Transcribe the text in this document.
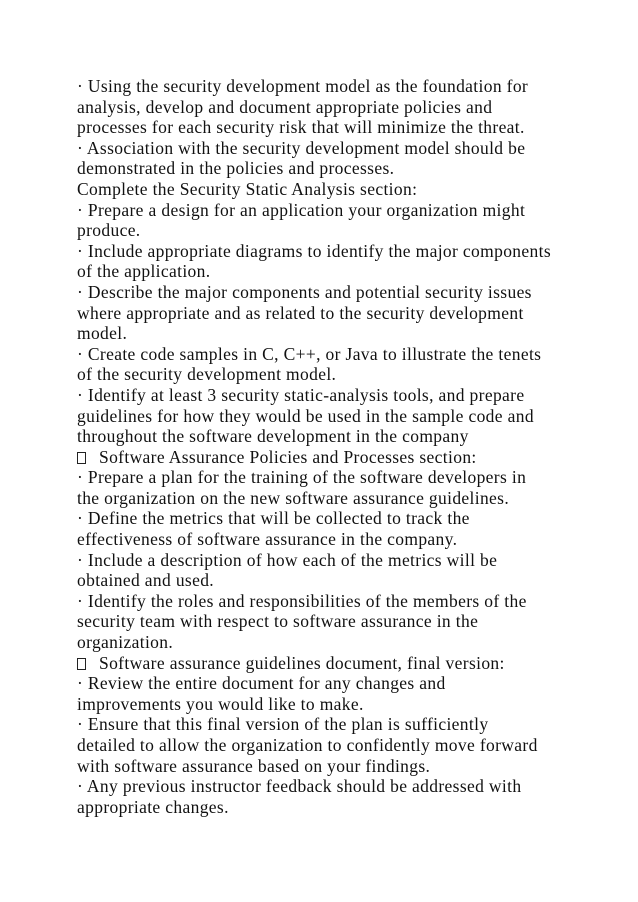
· Using the security development model as the foundation for
analysis, develop and document appropriate policies and
processes for each security risk that will minimize the threat.
· Association with the security development model should be
demonstrated in the policies and processes.
Complete the Security Static Analysis section:
· Prepare a design for an application your organization might
produce.
· Include appropriate diagrams to identify the major components
of the application.
· Describe the major components and potential security issues
where appropriate and as related to the security development
model.
· Create code samples in C, C++, or Java to illustrate the tenets
of the security development model.
· Identify at least 3 security static-analysis tools, and prepare
guidelines for how they would be used in the sample code and
throughout the software development in the company
Software Assurance Policies and Processes section:
· Prepare a plan for the training of the software developers in
the organization on the new software assurance guidelines.
· Define the metrics that will be collected to track the
effectiveness of software assurance in the company.
· Include a description of how each of the metrics will be
obtained and used.
· Identify the roles and responsibilities of the members of the
security team with respect to software assurance in the
organization.
Software assurance guidelines document, final version:
· Review the entire document for any changes and
improvements you would like to make.
· Ensure that this final version of the plan is sufficiently
detailed to allow the organization to confidently move forward
with software assurance based on your findings.
· Any previous instructor feedback should be addressed with
appropriate changes.
